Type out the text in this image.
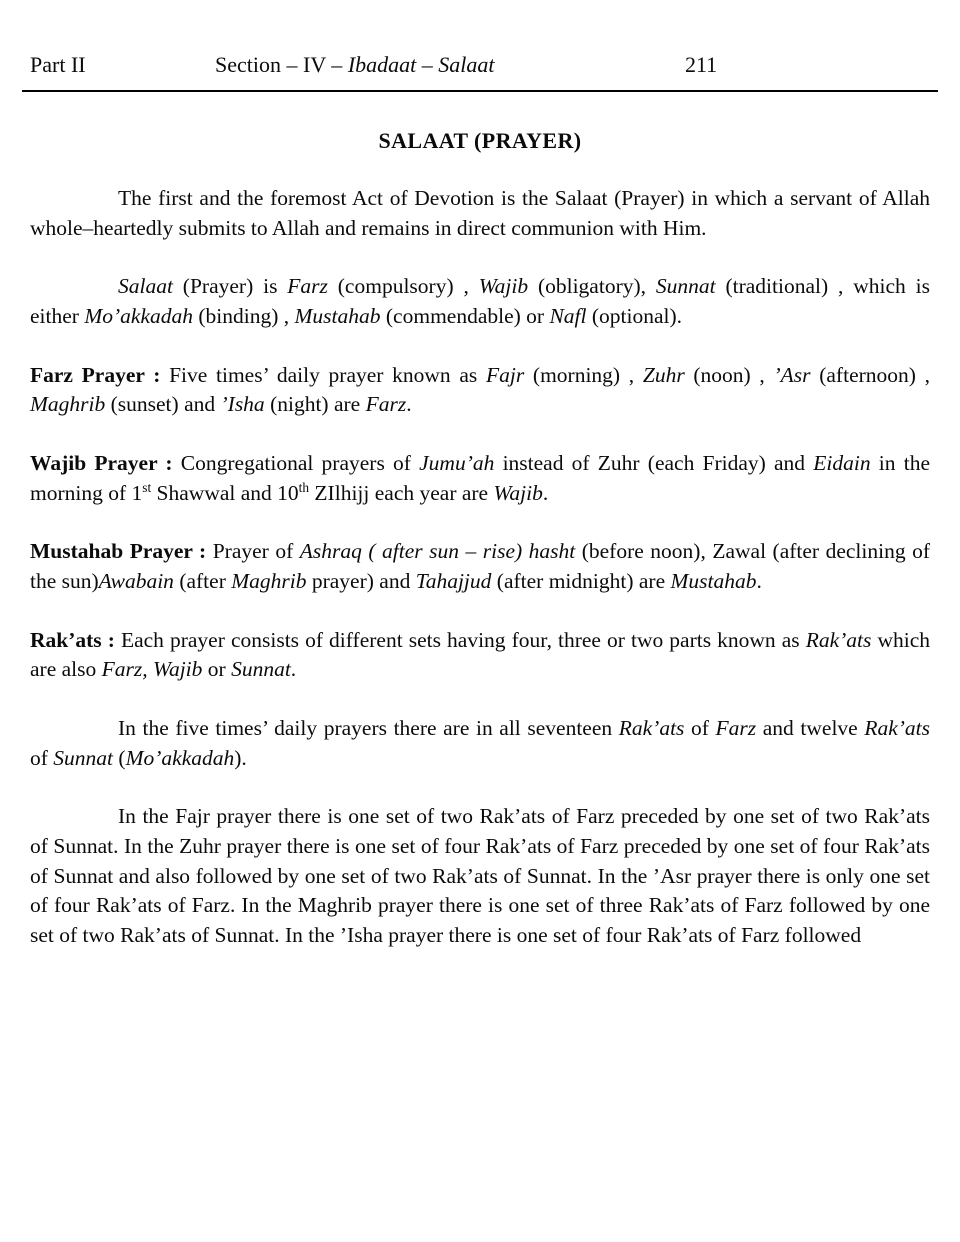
Part II	Section – IV – Ibadaat – Salaat	211
SALAAT (PRAYER)

The first and the foremost Act of Devotion is the Salaat (Prayer) in which a servant of Allah whole–heartedly submits to Allah and remains in direct communion with Him.

Salaat (Prayer) is Farz (compulsory) , Wajib (obligatory), Sunnat (traditional) , which is either Mo’akkadah (binding) , Mustahab (commendable) or Nafl (optional).

Farz Prayer : Five times’ daily prayer known as Fajr (morning) , Zuhr (noon) , ’Asr (afternoon) , Maghrib (sunset) and ’Isha (night) are Farz.

Wajib Prayer : Congregational prayers of Jumu’ah instead of Zuhr (each Friday) and Eidain in the morning of 1st Shawwal and 10th ZIlhijj each year are Wajib.

Mustahab Prayer : Prayer of Ashraq ( after sun – rise) hasht (before noon), Zawal (after declining of the sun)Awabain (after Maghrib prayer) and Tahajjud (after midnight) are Mustahab.

Rak’ats : Each prayer consists of different sets having four, three or two parts known as Rak’ats which are also Farz, Wajib or Sunnat.

In the five times’ daily prayers there are in all seventeen Rak’ats of Farz and twelve Rak’ats of Sunnat (Mo’akkadah).

In the Fajr prayer there is one set of two Rak’ats of Farz preceded by one set of two Rak’ats of Sunnat. In the Zuhr prayer there is one set of four Rak’ats of Farz preceded by one set of four Rak’ats of Sunnat and also followed by one set of two Rak’ats of Sunnat. In the ’Asr prayer there is only one set of four Rak’ats of Farz. In the Maghrib prayer there is one set of three Rak’ats of Farz followed by one set of two Rak’ats of Sunnat. In the ’Isha prayer there is one set of four Rak’ats of Farz followed
